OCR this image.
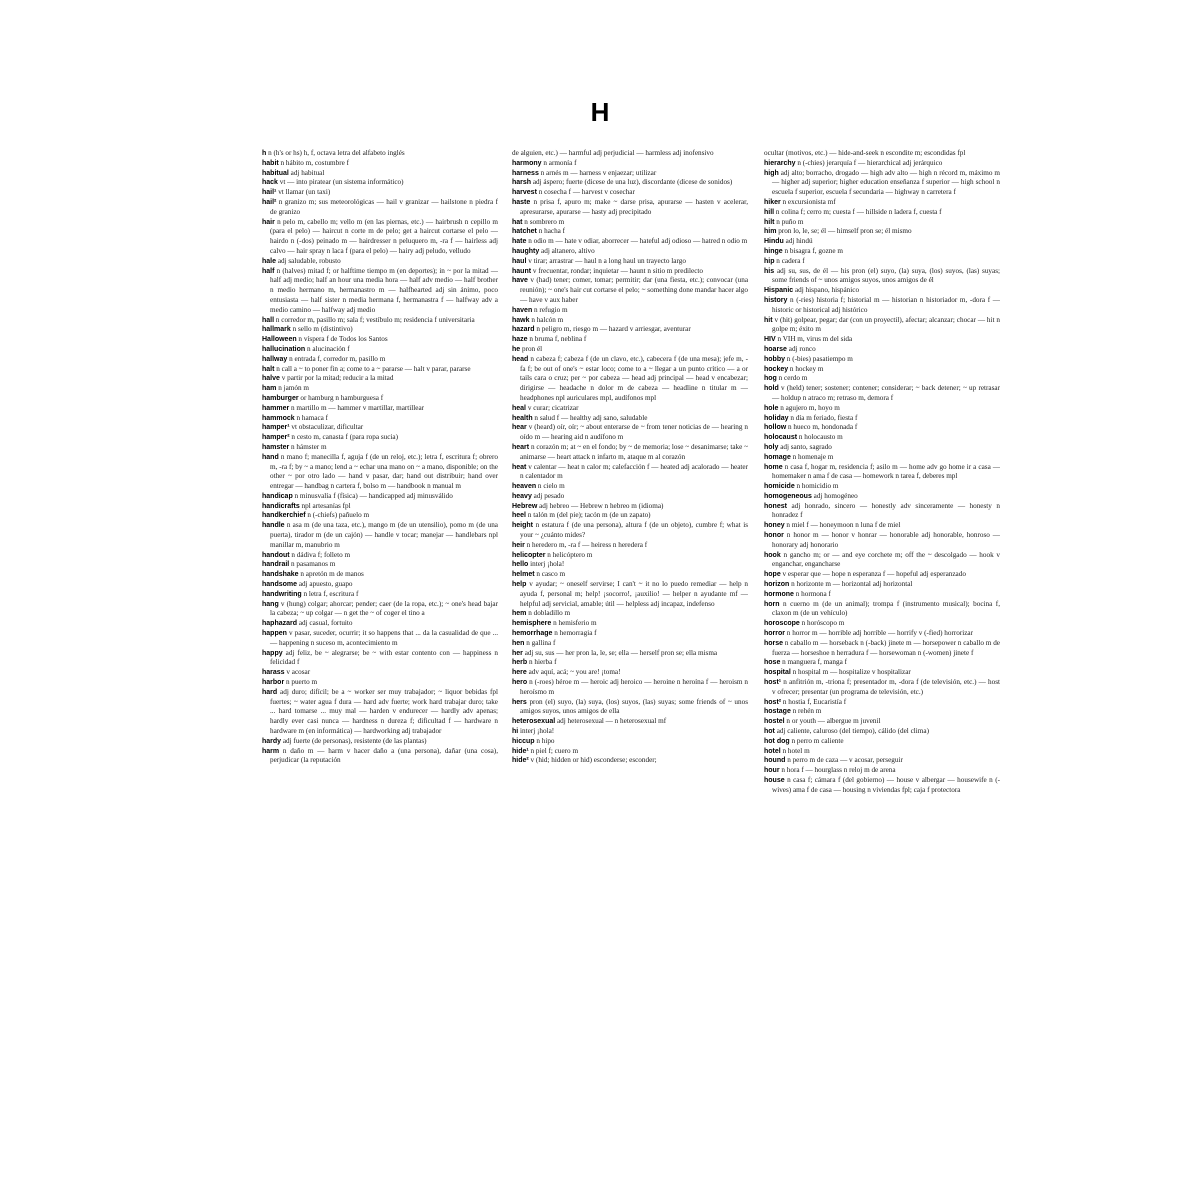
H

h n (h's or hs) h, f, octava letra del alfabeto inglés

habit n hábito m, costumbre f

habitual adj habitual

hack vt — into piratear (un sistema informático)

hail¹ vt llamar (un taxi)

hail² n granizo m; sus meteorológicas — hail v granizar — hailstone n piedra f de granizo

hair n pelo m, cabello m; vello m (en las piernas, etc.) — hairbrush n cepillo m (para el pelo) — haircut n corte m de pelo; get a haircut cortarse el pelo — hairdo n (-dos) peinado m — hairdresser n peluquero m, -ra f — hairless adj calvo — hair spray n laca f (para el pelo) — hairy adj peludo, velludo

hale adj saludable, robusto

half n (halves) mitad f; or halftime tiempo m (en deportes); in ~ por la mitad — half adj medio; half an hour una media hora — half adv medio — half brother n medio hermano m, hermanastro m — halfhearted adj sin ánimo, poco entusiasta — half sister n media hermana f, hermanastra f — halfway adv a medio camino — halfway adj medio

hall n corredor m, pasillo m; sala f; vestíbulo m; residencia f universitaria

hallmark n sello m (distintivo)

Halloween n víspera f de Todos los Santos

hallucination n alucinación f

hallway n entrada f, corredor m, pasillo m

halt n call a ~ to poner fin a; come to a ~ pararse — halt v parar, pararse

halve v partir por la mitad; reducir a la mitad

ham n jamón m

hamburger or hamburg n hamburguesa f

hammer n martillo m — hammer v martillar, martillear

hammock n hamaca f

hamper¹ vt obstaculizar, dificultar

hamper² n cesto m, canasta f (para ropa sucia)

hamster n hámster m

hand n mano f; manecilla f, aguja f (de un reloj, etc.); letra f, escritura f; obrero m, -ra f; by ~ a mano; lend a ~ echar una mano on ~ a mano, disponible; on the other ~ por otro lado — hand v pasar, dar; hand out distribuir; hand over entregar — handbag n cartera f, bolso m — handbook n manual m

handicap n minusvalía f (física) — handicapped adj minusválido

handicrafts npl artesanías fpl

handkerchief n (-chiefs) pañuelo m

handle n asa m (de una taza, etc.), mango m (de un utensilio), pomo m (de una puerta), tirador m (de un cajón) — handle v tocar; manejar — handlebars npl manillar m, manubrio m

handout n dádiva f; folleto m

handrail n pasamanos m

handshake n apretón m de manos

handsome adj apuesto, guapo

handwriting n letra f, escritura f

hang v (hung) colgar; ahorcar; pender; caer (de la ropa, etc.); ~ one's head bajar la cabeza; ~ up colgar — n get the ~ of coger el tino a

haphazard adj casual, fortuito

happen v pasar, suceder, ocurrir; it so happens that ... da la casualidad de que ... — happening n suceso m, acontecimiento m

happy adj feliz, be ~ alegrarse; be ~ with estar contento con — happiness n felicidad f

harass v acosar

harbor n puerto m

hard adj duro; difícil; be a ~ worker ser muy trabajador; ~ liquor bebidas fpl fuertes; ~ water agua f dura — hard adv fuerte; work hard trabajar duro; take ... hard tomarse ... muy mal — harden v endurecer — hardly adv apenas; hardly ever casi nunca — hardness n dureza f; dificultad f — hardware n hardware m (en informática) — hardworking adj trabajador

hardy adj fuerte (de personas), resistente (de las plantas)

harm n daño m — harm v hacer daño a (una persona), dañar (una cosa), perjudicar (la reputación

de alguien, etc.) — harmful adj perjudicial — harmless adj inofensivo

harmony n armonía f

harness n arnés m — harness v enjaezar; utilizar

harsh adj áspero; fuerte (dicese de una luz), discordante (dicese de sonidos)

harvest n cosecha f — harvest v cosechar

haste n prisa f, apuro m; make ~ darse prisa, apurarse — hasten v acelerar, apresurarse, apurarse — hasty adj precipitado

hat n sombrero m

hatchet n hacha f

hate n odio m — hate v odiar, aborrecer — hateful adj odioso — hatred n odio m

haughty adj altanero, altivo

haul v tirar; arrastrar — haul n a long haul un trayecto largo

haunt v frecuentar, rondar; inquietar — haunt n sitio m predilecto

have v (had) tener; comer, tomar; permitir; dar (una fiesta, etc.); convocar (una reunión); ~ one's hair cut cortarse el pelo; ~ something done mandar hacer algo — have v aux haber

haven n refugio m

hawk n halcón m

hazard n peligro m, riesgo m — hazard v arriesgar, aventurar

haze n bruma f, neblina f

he pron él

head n cabeza f; cabeza f (de un clavo, etc.), cabecera f (de una mesa); jefe m, -fa f; be out of one's ~ estar loco; come to a ~ llegar a un punto crítico — a or tails cara o cruz; per ~ por cabeza — head adj principal — head v encabezar; dirigirse — headache n dolor m de cabeza — headline n titular m — headphones npl auriculares mpl, audífonos mpl

heal v curar; cicatrizar

health n salud f — healthy adj sano, saludable

hear v (heard) oír, oír; ~ about enterarse de ~ from tener noticias de — hearing n oído m — hearing aid n audífono m

heart n corazón m; at ~ en el fondo; by ~ de memoria; lose ~ desanimarse; take ~ animarse — heart attack n infarto m, ataque m al corazón

heat v calentar — heat n calor m; calefacción f — heated adj acalorado — heater n calentador m

heaven n cielo m

heavy adj pesado

Hebrew adj hebreo — Hebrew n hebreo m (idioma)

heel n talón m (del pie); tacón m (de un zapato)

height n estatura f (de una persona), altura f (de un objeto), cumbre f; what is your ~ ¿cuánto mides?

heir n heredero m, -ra f — heiress n heredera f

helicopter n helicóptero m

hello interj ¡hola!

helmet n casco m

help v ayudar; ~ oneself servirse; I can't ~ it no lo puedo remediar — help n ayuda f, personal m; help! ¡socorro!, ¡auxilio! — helper n ayudante mf — helpful adj servicial, amable; útil — helpless adj incapaz, indefenso

hem n dobladillo m

hemisphere n hemisferio m

hemorrhage n hemorragia f

hen n gallina f

her adj su, sus — her pron la, le, se; ella — herself pron se; ella misma

herb n hierba f

here adv aquí, acá; ~ you are! ¡toma!

hero n (-roes) héroe m — heroic adj heroico — heroine n heroína f — heroism n heroísmo m

hers pron (el) suyo, (la) suya, (los) suyos, (las) suyas; some friends of ~ unos amigos suyos, unos amigos de ella

heterosexual adj heterosexual — n heterosexual mf

hi interj ¡hola!

hiccup n hipo

hide¹ n piel f; cuero m

hide² v (hid; hidden or hid) esconderse; esconder;

ocultar (motivos, etc.) — hide-and-seek n escondite m; escondidas fpl

hierarchy n (-chies) jerarquía f — hierarchical adj jerárquico

high adj alto; borracho, drogado — high adv alto — high n récord m, máximo m — higher adj superior; higher education enseñanza f superior — high school n escuela f superior, escuela f secundaria — highway n carretera f

hiker n excursionista mf

hill n colina f; cerro m; cuesta f — hillside n ladera f, cuesta f

hilt n puño m

him pron lo, le, se; él — himself pron se; él mismo

Hindu adj hindú

hinge n bisagra f, gozne m

hip n cadera f

his adj su, sus, de él — his pron (el) suyo, (la) suya, (los) suyos, (las) suyas; some friends of ~ unos amigos suyos, unos amigos de él

Hispanic adj hispano, hispánico

history n (-ries) historia f; historial m — historian n historiador m, -dora f — historic or historical adj histórico

hit v (hit) golpear, pegar; dar (con un proyectil), afectar; alcanzar; chocar — hit n golpe m; éxito m

HIV n VIH m, virus m del sida

hoarse adj ronco

hobby n (-bies) pasatiempo m

hockey n hockey m

hog n cerdo m

hold v (held) tener; sostener; contener; considerar; ~ back detener; ~ up retrasar — holdup n atraco m; retraso m, demora f

hole n agujero m, hoyo m

holiday n día m feriado, fiesta f

hollow n hueco m, hondonada f

holocaust n holocausto m

holy adj santo, sagrado

homage n homenaje m

home n casa f, hogar m, residencia f; asilo m — home adv go home ir a casa — homemaker n ama f de casa — homework n tarea f, deberes mpl

homicide n homicidio m

homogeneous adj homogéneo

honest adj honrado, sincero — honestly adv sinceramente — honesty n honradez f

honey n miel f — honeymoon n luna f de miel

honor n honor m — honor v honrar — honorable adj honorable, honroso — honorary adj honorario

hook n gancho m; or — and eye corchete m; off the ~ descolgado — hook v enganchar, engancharse

hope v esperar que — hope n esperanza f — hopeful adj esperanzado

horizon n horizonte m — horizontal adj horizontal

hormone n hormona f

horn n cuerno m (de un animal); trompa f (instrumento musical); bocina f, claxon m (de un vehículo)

horoscope n horóscopo m

horror n horror m — horrible adj horrible — horrify v (-fied) horrorizar

horse n caballo m — horseback n (-back) jinete m — horsepower n caballo m de fuerza — horseshoe n herradura f — horsewoman n (-women) jinete f

hose n manguera f, manga f

hospital n hospital m — hospitalize v hospitalizar

host¹ n anfitrión m, -triona f; presentador m, -dora f (de televisión, etc.) — host v ofrecer; presentar (un programa de televisión, etc.)

host² n hostia f, Eucaristía f

hostage n rehén m

hostel n or youth — albergue m juvenil

hot adj caliente, caluroso (del tiempo), cálido (del clima)

hot dog n perro m caliente

hotel n hotel m

hound n perro m de caza — v acosar, perseguir

hour n hora f — hourglass n reloj m de arena

house n casa f; cámara f (del gobierno) — house v albergar — housewife n (-wives) ama f de casa — housing n viviendas fpl; caja f protectora
